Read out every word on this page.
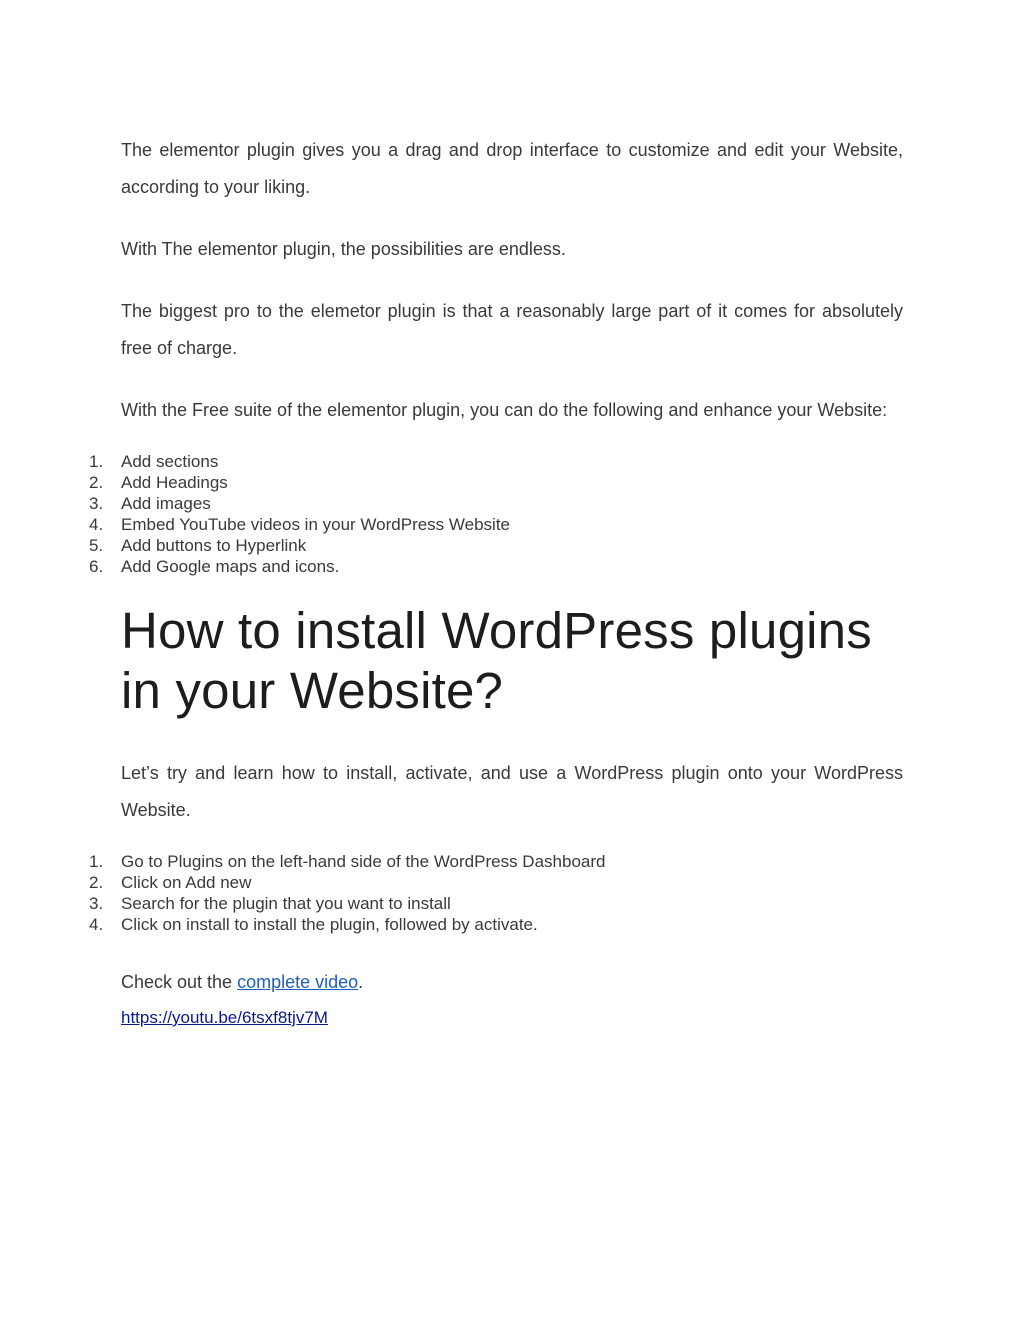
The elementor plugin gives you a drag and drop interface to customize and edit your Website, according to your liking.

With The elementor plugin, the possibilities are endless.

The biggest pro to the elemetor plugin is that a reasonably large part of it comes for absolutely free of charge.

With the Free suite of the elementor plugin, you can do the following and enhance your Website:

1.	Add sections
2.	Add Headings
3.	Add images
4.	Embed YouTube videos in your WordPress Website
5.	Add buttons to Hyperlink
6.	Add Google maps and icons.
How to install WordPress plugins in your Website?

Let’s try and learn how to install, activate, and use a WordPress plugin onto your WordPress Website.

1.	Go to Plugins on the left-hand side of the WordPress Dashboard
2.	Click on Add new
3.	Search for the plugin that you want to install
4.	Click on install to install the plugin, followed by activate.

Check out the complete video.

https://youtu.be/6tsxf8tjv7M
